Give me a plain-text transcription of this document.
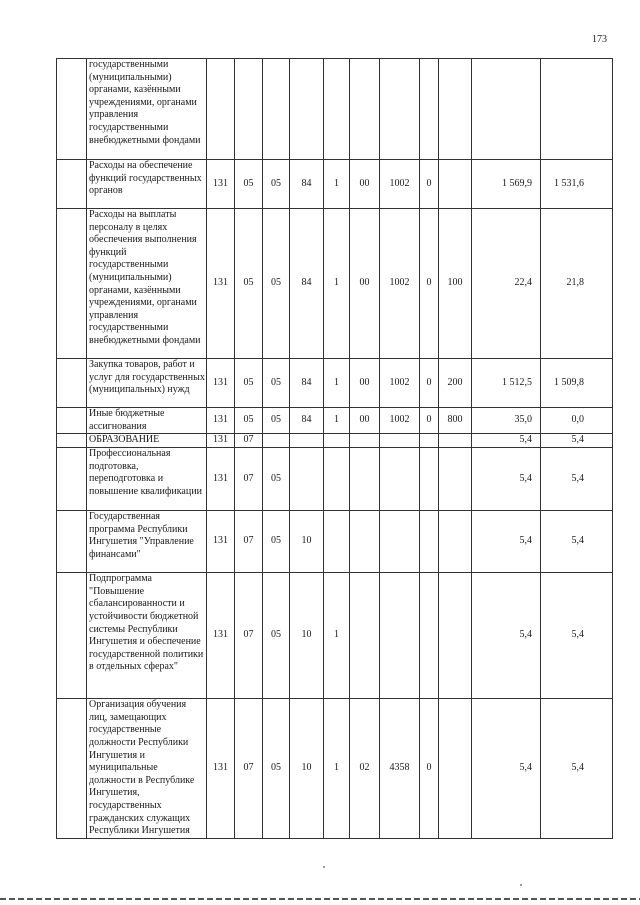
173
	государственными (муниципальными) органами, казёнными учреждениями, органами управления государственными внебюджетными фондами											
	Расходы на обеспечение функций государственных органов	131	05	05	84	1	00	1002	0		1 569,9	1 531,6
	Расходы на выплаты персоналу в целях обеспечения выполнения функций государственными (муниципальными) органами, казёнными учреждениями, органами управления государственными внебюджетными фондами	131	05	05	84	1	00	1002	0	100	22,4	21,8
	Закупка товаров, работ и услуг для государственных (муниципальных) нужд	131	05	05	84	1	00	1002	0	200	1 512,5	1 509,8
	Иные бюджетные ассигнования	131	05	05	84	1	00	1002	0	800	35,0	0,0
	ОБРАЗОВАНИЕ	131	07								5,4	5,4
	Профессиональная подготовка, переподготовка и повышение квалификации	131	07	05							5,4	5,4
	Государственная программа Республики Ингушетия "Управление финансами"	131	07	05	10						5,4	5,4
	Подпрограмма "Повышение сбалансированности и устойчивости бюджетной системы Республики Ингушетия и обеспечение государственной политики в отдельных сферах"	131	07	05	10	1					5,4	5,4
	Организация обучения лиц, замещающих государственные должности Республики Ингушетия и муниципальные должности в Республике Ингушетия, государственных гражданских служащих Республики Ингушетия	131	07	05	10	1	02	4358	0		5,4	5,4
